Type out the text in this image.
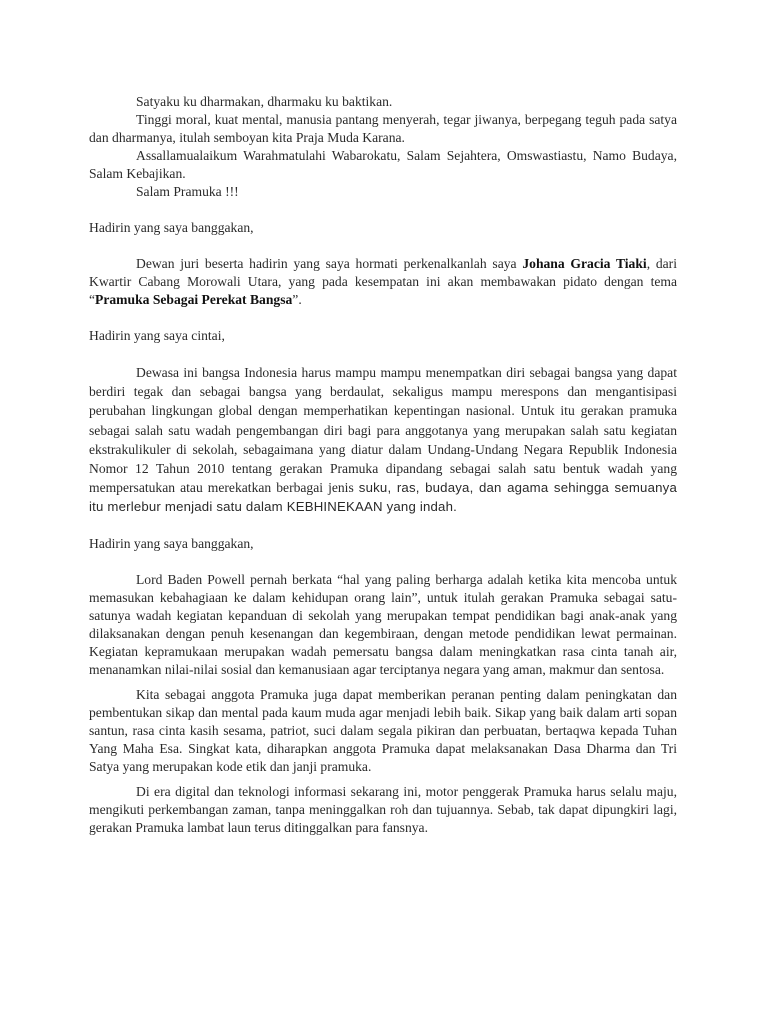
Satyaku ku dharmakan, dharmaku ku baktikan.

Tinggi moral, kuat mental, manusia pantang menyerah, tegar jiwanya, berpegang teguh pada satya dan dharmanya, itulah semboyan kita Praja Muda Karana.

Assallamualaikum Warahmatulahi Wabarokatu, Salam Sejahtera, Omswastiastu, Namo Budaya, Salam Kebajikan.

Salam Pramuka !!!

Hadirin yang saya banggakan,

Dewan juri beserta hadirin yang saya hormati perkenalkanlah saya Johana Gracia Tiaki, dari Kwartir Cabang Morowali Utara, yang pada kesempatan ini akan membawakan pidato dengan tema “Pramuka Sebagai Perekat Bangsa”.

Hadirin yang saya cintai,

Dewasa ini bangsa Indonesia harus mampu mampu menempatkan diri sebagai bangsa yang dapat berdiri tegak dan sebagai bangsa yang berdaulat, sekaligus mampu merespons dan mengantisipasi perubahan lingkungan global dengan memperhatikan kepentingan nasional. Untuk itu gerakan pramuka sebagai salah satu wadah pengembangan diri bagi para anggotanya yang merupakan salah satu kegiatan ekstrakulikuler di sekolah, sebagaimana yang diatur dalam Undang-Undang Negara Republik Indonesia Nomor 12 Tahun 2010 tentang gerakan Pramuka dipandang sebagai salah satu bentuk wadah yang mempersatukan atau merekatkan berbagai jenis suku, ras, budaya, dan agama sehingga semuanya itu merlebur menjadi satu dalam KEBHINEKAAN yang indah.

Hadirin yang saya banggakan,

Lord Baden Powell pernah berkata “hal yang paling berharga adalah ketika kita mencoba untuk memasukan kebahagiaan ke dalam kehidupan orang lain”, untuk itulah gerakan Pramuka sebagai satu-satunya wadah kegiatan kepanduan di sekolah yang merupakan tempat pendidikan bagi anak-anak yang dilaksanakan dengan penuh kesenangan dan kegembiraan, dengan metode pendidikan lewat permainan. Kegiatan kepramukaan merupakan wadah pemersatu bangsa dalam meningkatkan rasa cinta tanah air, menanamkan nilai-nilai sosial dan kemanusiaan agar terciptanya negara yang aman, makmur dan sentosa.

Kita sebagai anggota Pramuka juga dapat memberikan peranan penting dalam peningkatan dan pembentukan sikap dan mental pada kaum muda agar menjadi lebih baik. Sikap yang baik dalam arti sopan santun, rasa cinta kasih sesama, patriot, suci dalam segala pikiran dan perbuatan, bertaqwa kepada Tuhan Yang Maha Esa. Singkat kata, diharapkan anggota Pramuka dapat melaksanakan Dasa Dharma dan Tri Satya yang merupakan kode etik dan janji pramuka.

Di era digital dan teknologi informasi sekarang ini, motor penggerak Pramuka harus selalu maju, mengikuti perkembangan zaman, tanpa meninggalkan roh dan tujuannya. Sebab, tak dapat dipungkiri lagi, gerakan Pramuka lambat laun terus ditinggalkan para fansnya.
